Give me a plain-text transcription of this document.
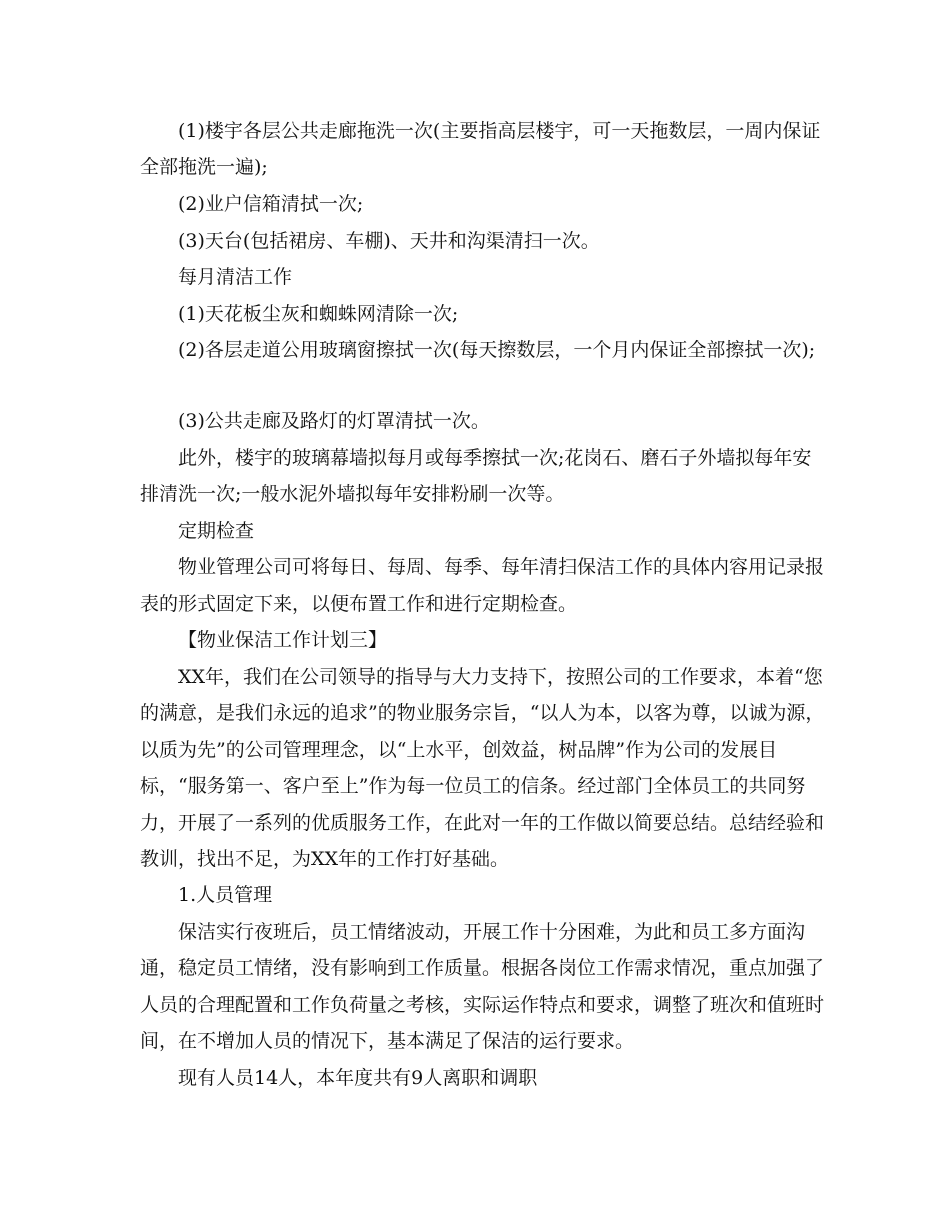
(1)楼宇各层公共走廊拖洗一次(主要指高层楼宇，可一天拖数层，一周内保证
全部拖洗一遍);
(2)业户信箱清拭一次;
(3)天台(包括裙房、车棚)、天井和沟渠清扫一次。
每月清洁工作
(1)天花板尘灰和蜘蛛网清除一次;
(2)各层走道公用玻璃窗擦拭一次(每天擦数层，一个月内保证全部擦拭一次);
(3)公共走廊及路灯的灯罩清拭一次。
此外，楼宇的玻璃幕墙拟每月或每季擦拭一次;花岗石、磨石子外墙拟每年安
排清洗一次;一般水泥外墙拟每年安排粉刷一次等。
定期检查
物业管理公司可将每日、每周、每季、每年清扫保洁工作的具体内容用记录报
表的形式固定下来，以便布置工作和进行定期检查。
【物业保洁工作计划三】
XX年，我们在公司领导的指导与大力支持下，按照公司的工作要求，本着“您
的满意，是我们永远的追求”的物业服务宗旨，“以人为本，以客为尊，以诚为源，
以质为先”的公司管理理念，以“上水平，创效益，树品牌”作为公司的发展目
标，“服务第一、客户至上”作为每一位员工的信条。经过部门全体员工的共同努
力，开展了一系列的优质服务工作，在此对一年的工作做以简要总结。总结经验和
教训，找出不足，为XX年的工作打好基础。
1.人员管理
保洁实行夜班后，员工情绪波动，开展工作十分困难，为此和员工多方面沟
通，稳定员工情绪，没有影响到工作质量。根据各岗位工作需求情况，重点加强了
人员的合理配置和工作负荷量之考核，实际运作特点和要求，调整了班次和值班时
间，在不增加人员的情况下，基本满足了保洁的运行要求。
现有人员14人，本年度共有9人离职和调职
